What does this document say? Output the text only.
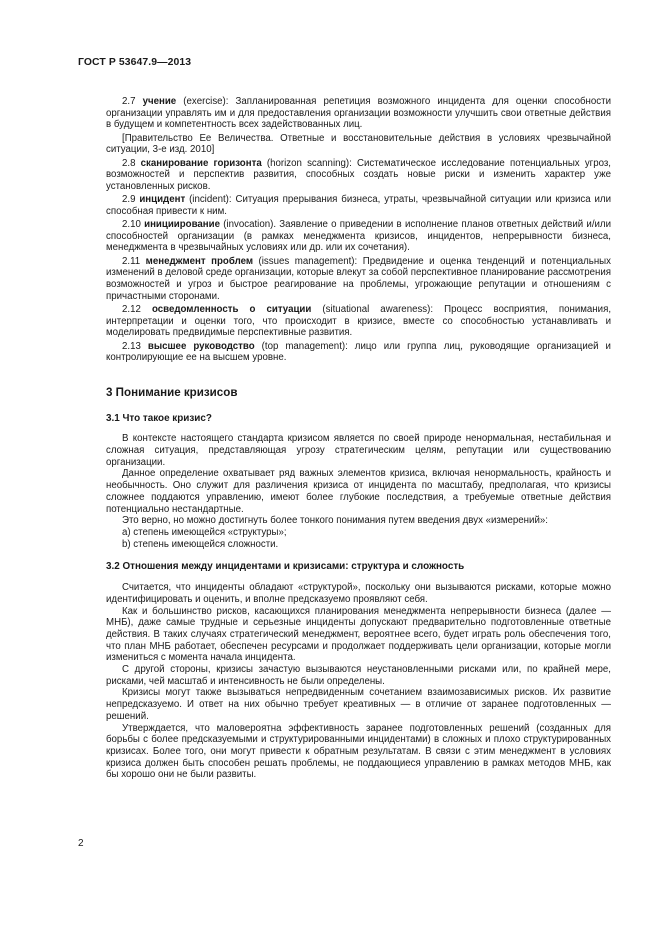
ГОСТ Р 53647.9—2013

2.7 учение (exercise): Запланированная репетиция возможного инцидента для оценки способности организации управлять им и для предоставления организации возможности улучшить свои ответные действия в будущем и компетентность всех задействованных лиц.

[Правительство Ее Величества. Ответные и восстановительные действия в условиях чрезвычайной ситуации, 3-е изд. 2010]

2.8 сканирование горизонта (horizon scanning): Систематическое исследование потенциальных угроз, возможностей и перспектив развития, способных создать новые риски и изменить характер уже установленных рисков.

2.9 инцидент (incident): Ситуация прерывания бизнеса, утраты, чрезвычайной ситуации или кризиса или способная привести к ним.

2.10 инициирование (invocation). Заявление о приведении в исполнение планов ответных действий и/или способностей организации (в рамках менеджмента кризисов, инцидентов, непрерывности бизнеса, менеджмента в чрезвычайных условиях или др. или их сочетания).

2.11 менеджмент проблем (issues management): Предвидение и оценка тенденций и потенциальных изменений в деловой среде организации, которые влекут за собой перспективное планирование рассмотрения возможностей и угроз и быстрое реагирование на проблемы, угрожающие репутации и отношениям с причастными сторонами.

2.12 осведомленность о ситуации (situational awareness): Процесс восприятия, понимания, интерпретации и оценки того, что происходит в кризисе, вместе со способностью устанавливать и моделировать предвидимые перспективные развития.

2.13 высшее руководство (top management): лицо или группа лиц, руководящие организацией и контролирующие ее на высшем уровне.

3 Понимание кризисов
3.1 Что такое кризис?

В контексте настоящего стандарта кризисом является по своей природе ненормальная, нестабильная и сложная ситуация, представляющая угрозу стратегическим целям, репутации или существованию организации.

Данное определение охватывает ряд важных элементов кризиса, включая ненормальность, крайность и необычность. Оно служит для различения кризиса от инцидента по масштабу, предполагая, что кризисы сложнее поддаются управлению, имеют более глубокие последствия, а требуемые ответные действия потенциально нестандартные.

Это верно, но можно достигнуть более тонкого понимания путем введения двух «измерений»:

a) степень имеющейся «структуры»;

b) степень имеющейся сложности.

3.2 Отношения между инцидентами и кризисами: структура и сложность

Считается, что инциденты обладают «структурой», поскольку они вызываются рисками, которые можно идентифицировать и оценить, и вполне предсказуемо проявляют себя.

Как и большинство рисков, касающихся планирования менеджмента непрерывности бизнеса (далее — МНБ), даже самые трудные и серьезные инциденты допускают предварительно подготовленные ответные действия. В таких случаях стратегический менеджмент, вероятнее всего, будет играть роль обеспечения того, что план МНБ работает, обеспечен ресурсами и продолжает поддерживать цели организации, которые могли измениться с момента начала инцидента.

С другой стороны, кризисы зачастую вызываются неустановленными рисками или, по крайней мере, рисками, чей масштаб и интенсивность не были определены.

Кризисы могут также вызываться непредвиденным сочетанием взаимозависимых рисков. Их развитие непредсказуемо. И ответ на них обычно требует креативных — в отличие от заранее подготовленных — решений.

Утверждается, что маловероятна эффективность заранее подготовленных решений (созданных для борьбы с более предсказуемыми и структурированными инцидентами) в сложных и плохо структурированных кризисах. Более того, они могут привести к обратным результатам. В связи с этим менеджмент в условиях кризиса должен быть способен решать проблемы, не поддающиеся управлению в рамках методов МНБ, как бы хорошо они не были развиты.

2
